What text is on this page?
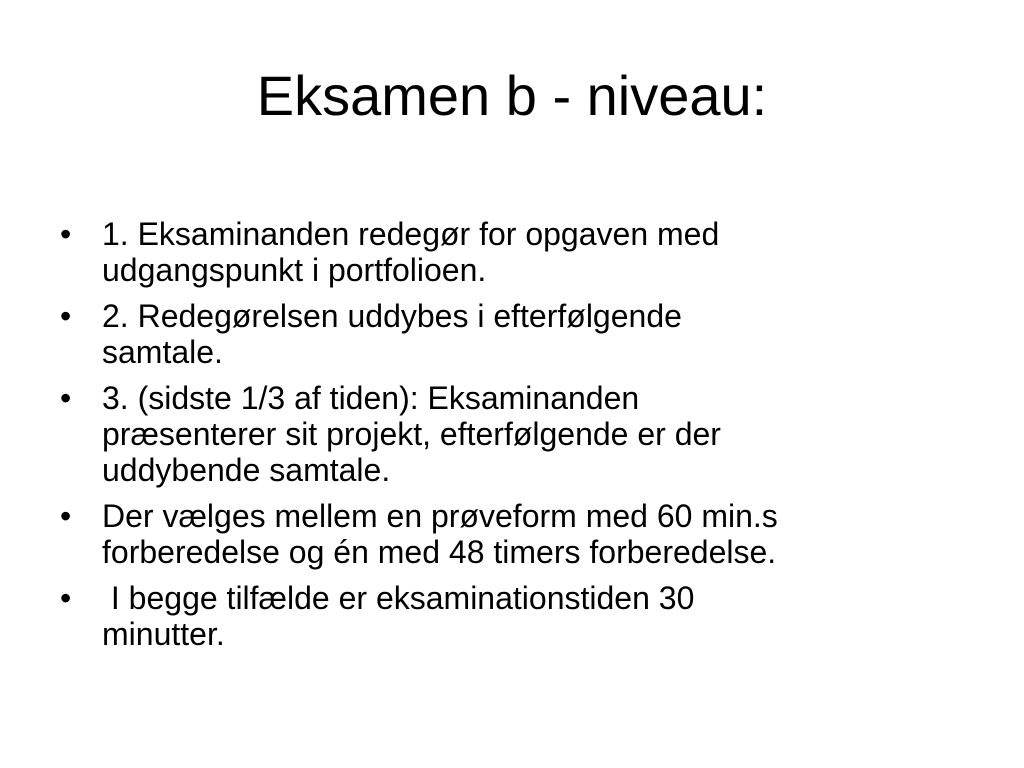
Eksamen b - niveau:
• 1. Eksaminanden redegør for opgaven med
udgangspunkt i portfolioen.
• 2. Redegørelsen uddybes i efterfølgende
samtale.
• 3. (sidste 1/3 af tiden): Eksaminanden
præsenterer sit projekt, efterfølgende er der
uddybende samtale.
• Der vælges mellem en prøveform med 60 min.s
forberedelse og én med 48 timers forberedelse.
• I begge tilfælde er eksaminationstiden 30
minutter.
